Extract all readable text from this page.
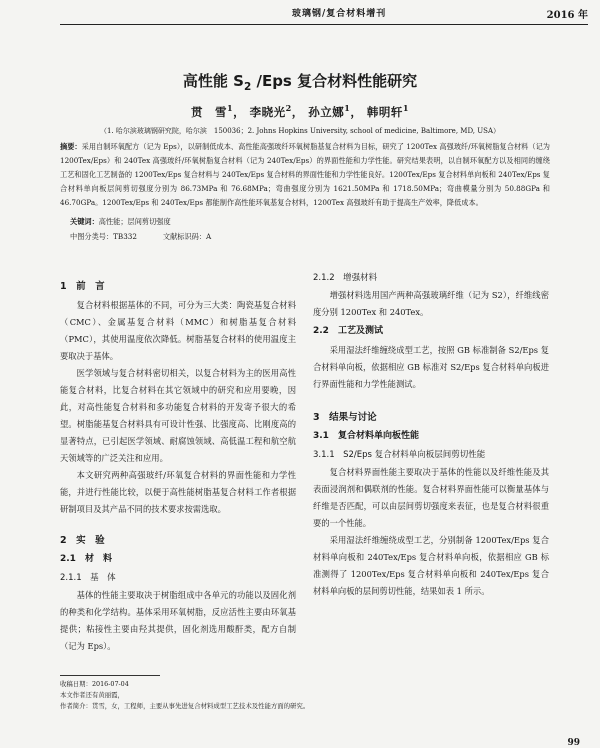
玻璃钢/复合材料增刊	2016 年
高性能 $S_2$ /Eps 复合材料性能研究
贯　雪$^1$， 李晓光$^2$， 孙立娜$^1$， 韩明轩$^1$
（1. 哈尔滨玻璃钢研究院，哈尔滨　150036；2. Johns Hopkins University, school of medicine, Baltimore, MD, USA）
摘要：采用自制环氧配方（记为 Eps），以研制低成本、高性能高强玻纤环氧树脂基复合材料为目标，研究了 1200Tex 高强玻纤/环氧树脂复合材料（记为 1200Tex/Eps）和 240Tex 高强玻纤/环氧树脂复合材料（记为 240Tex/Eps）的界面性能和力学性能。研究结果表明，以自制环氧配方以及相同的缠绕工艺和固化工艺制备的 1200Tex/Eps 复合材料与 240Tex/Eps 复合材料的界面性能和力学性能良好。1200Tex/Eps 复合材料单向板和 240Tex/Eps 复合材料单向板层间剪切强度分别为 86.73MPa 和 76.68MPa；弯曲强度分别为 1621.50MPa 和 1718.50MPa；弯曲模量分别为 50.88GPa 和 46.70GPa。1200Tex/Eps 和 240Tex/Eps 都能制作高性能环氧基复合材料，1200Tex 高强玻纤有助于提高生产效率，降低成本。
关键词：高性能；层间剪切强度
中图分类号：TB332	文献标识码：A
1　 前　言

复合材料根据基体的不同，可分为三大类：陶瓷基复合材料（CMC）、金属基复合材料（MMC）和树脂基复合材料（PMC），其使用温度依次降低。树脂基复合材料的使用温度主要取决于基体。

医学领域与复合材料密切相关，以复合材料为主的医用高性能复合材料，比复合材料在其它领域中的研究和应用要晚，因此，对高性能复合材料和多功能复合材料的开发寄予很大的希望。树脂能基复合材料具有可设计性强、比强度高、比刚度高的显著特点，已引起医学领域、耐腐蚀领域、高低温工程和航空航天领域等的广泛关注和应用。

本文研究两种高强玻纤/环氧复合材料的界面性能和力学性能，并进行性能比较，以便于高性能树脂基复合材料工作者根据研制项目及其产品不同的技术要求按需选取。

2　 实　验
2.1　材　料
2.1.1　基　体

基体的性能主要取决于树脂组成中各单元的功能以及固化剂的种类和化学结构。基体采用环氧树脂，反应活性主要由环氧基提供；粘接性主要由羟其提供，固化剂选用酸酐类，配方自制（记为 Eps）。

2.1.2　增强材料

增强材料选用国产两种高强玻璃纤维（记为 S2），纤维线密度分别 1200Tex 和 240Tex。

2.2　工艺及测试

采用湿法纤维缠绕成型工艺，按照 GB 标准制备 S2/Eps 复合材料单向板，依据相应 GB 标准对 S2/Eps 复合材料单向板进行界面性能和力学性能测试。

3　 结果与讨论
3.1　复合材料单向板性能
3.1.1　S2/Eps 复合材料单向板层间剪切性能

复合材料界面性能主要取决于基体的性能以及纤维性能及其表面浸润剂和偶联剂的性能。复合材料界面性能可以衡量基体与纤维是否匹配，可以由层间剪切强度来表征，也是复合材料很重要的一个性能。

采用湿法纤维缠绕成型工艺，分别制备 1200Tex/Eps 复合材料单向板和 240Tex/Eps 复合材料单向板，依据相应 GB 标准测得了 1200Tex/Eps 复合材料单向板和 240Tex/Eps 复合材料单向板的层间剪切性能，结果如表 1 所示。

收稿日期：2016-07-04
本文作者还有黄丽霞，
作者简介：贯雪，女，工程师，主要从事先进复合材料成型工艺技术及性能方面的研究。
99
